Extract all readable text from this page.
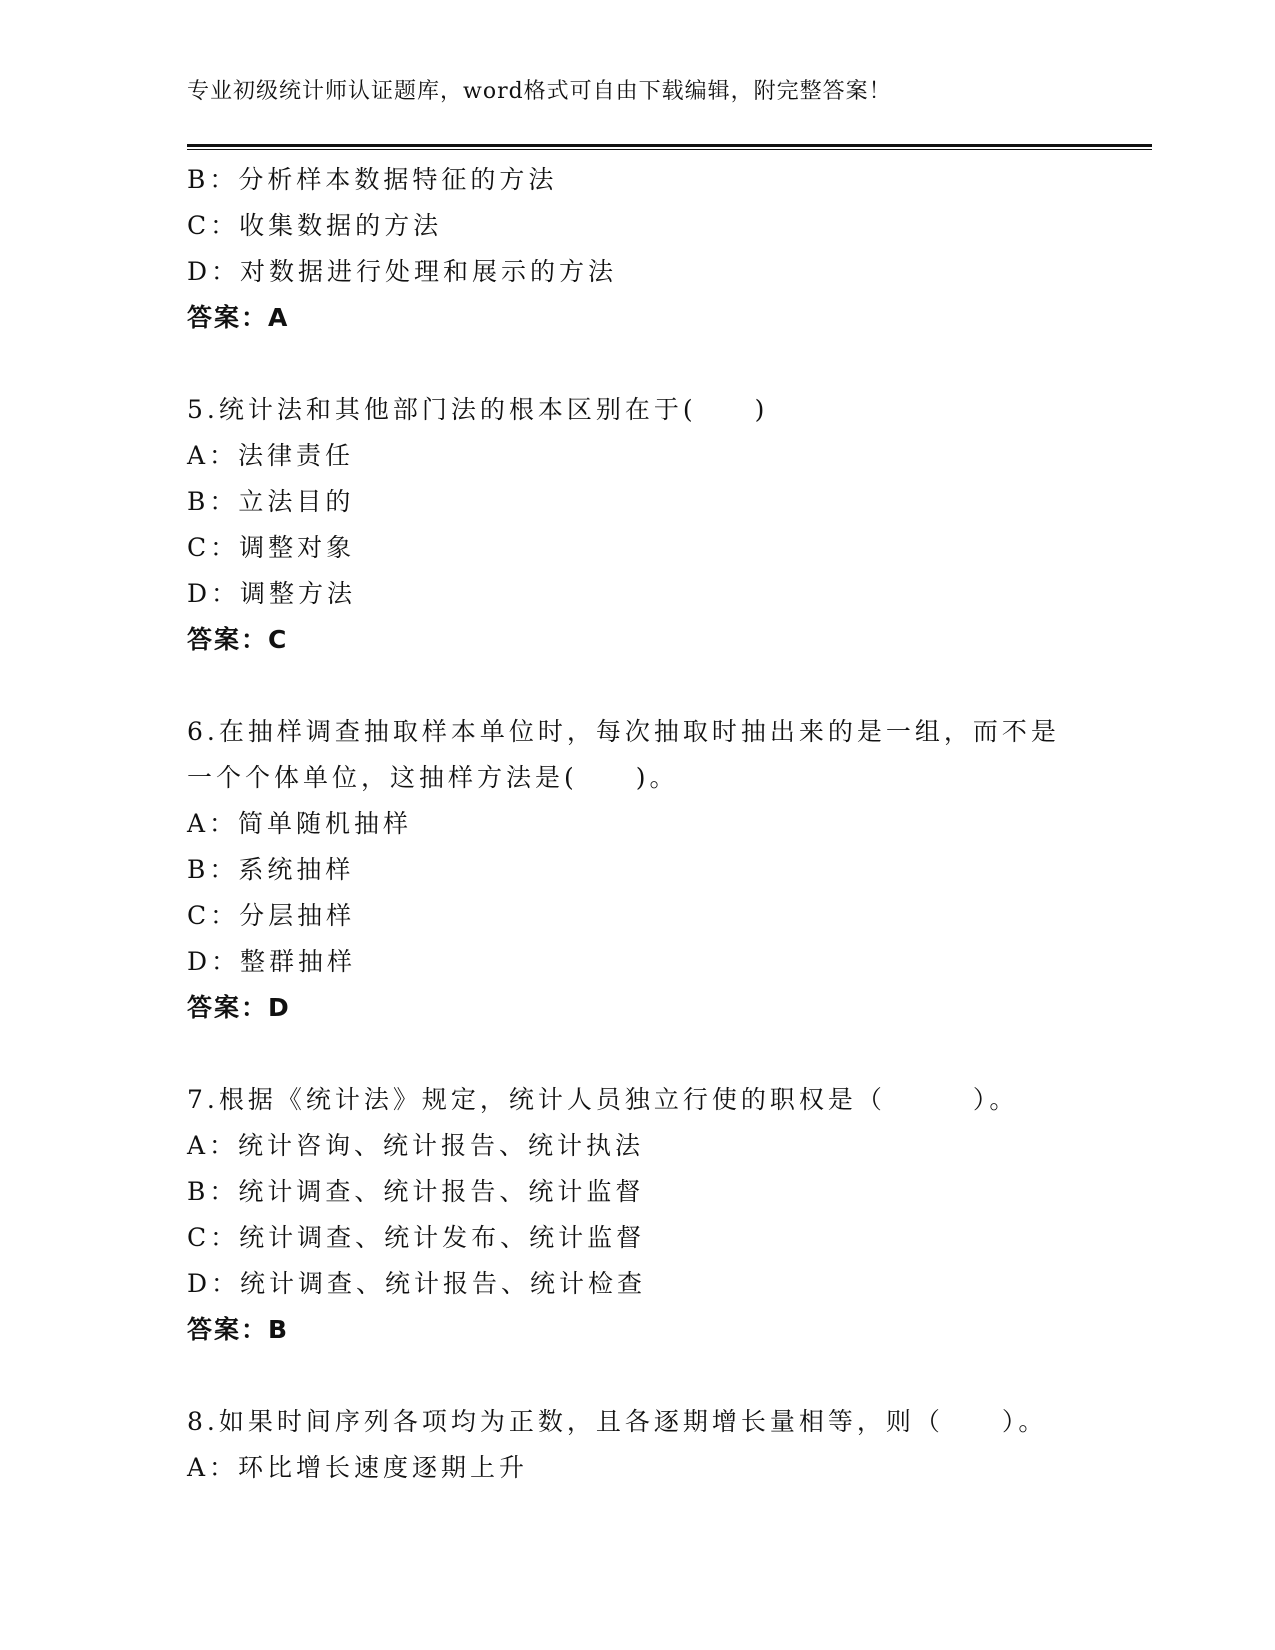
专业初级统计师认证题库，word格式可自由下载编辑，附完整答案！
B：分析样本数据特征的方法
C：收集数据的方法
D：对数据进行处理和展示的方法
答案：A
5.统计法和其他部门法的根本区别在于(　　)
A：法律责任
B：立法目的
C：调整对象
D：调整方法
答案：C
6.在抽样调查抽取样本单位时，每次抽取时抽出来的是一组，而不是
一个个体单位，这抽样方法是(　　)。
A：简单随机抽样
B：系统抽样
C：分层抽样
D：整群抽样
答案：D
7.根据《统计法》规定，统计人员独立行使的职权是（　　　）。
A：统计咨询、统计报告、统计执法
B：统计调查、统计报告、统计监督
C：统计调查、统计发布、统计监督
D：统计调查、统计报告、统计检查
答案：B
8.如果时间序列各项均为正数，且各逐期增长量相等，则（　　）。
A：环比增长速度逐期上升
